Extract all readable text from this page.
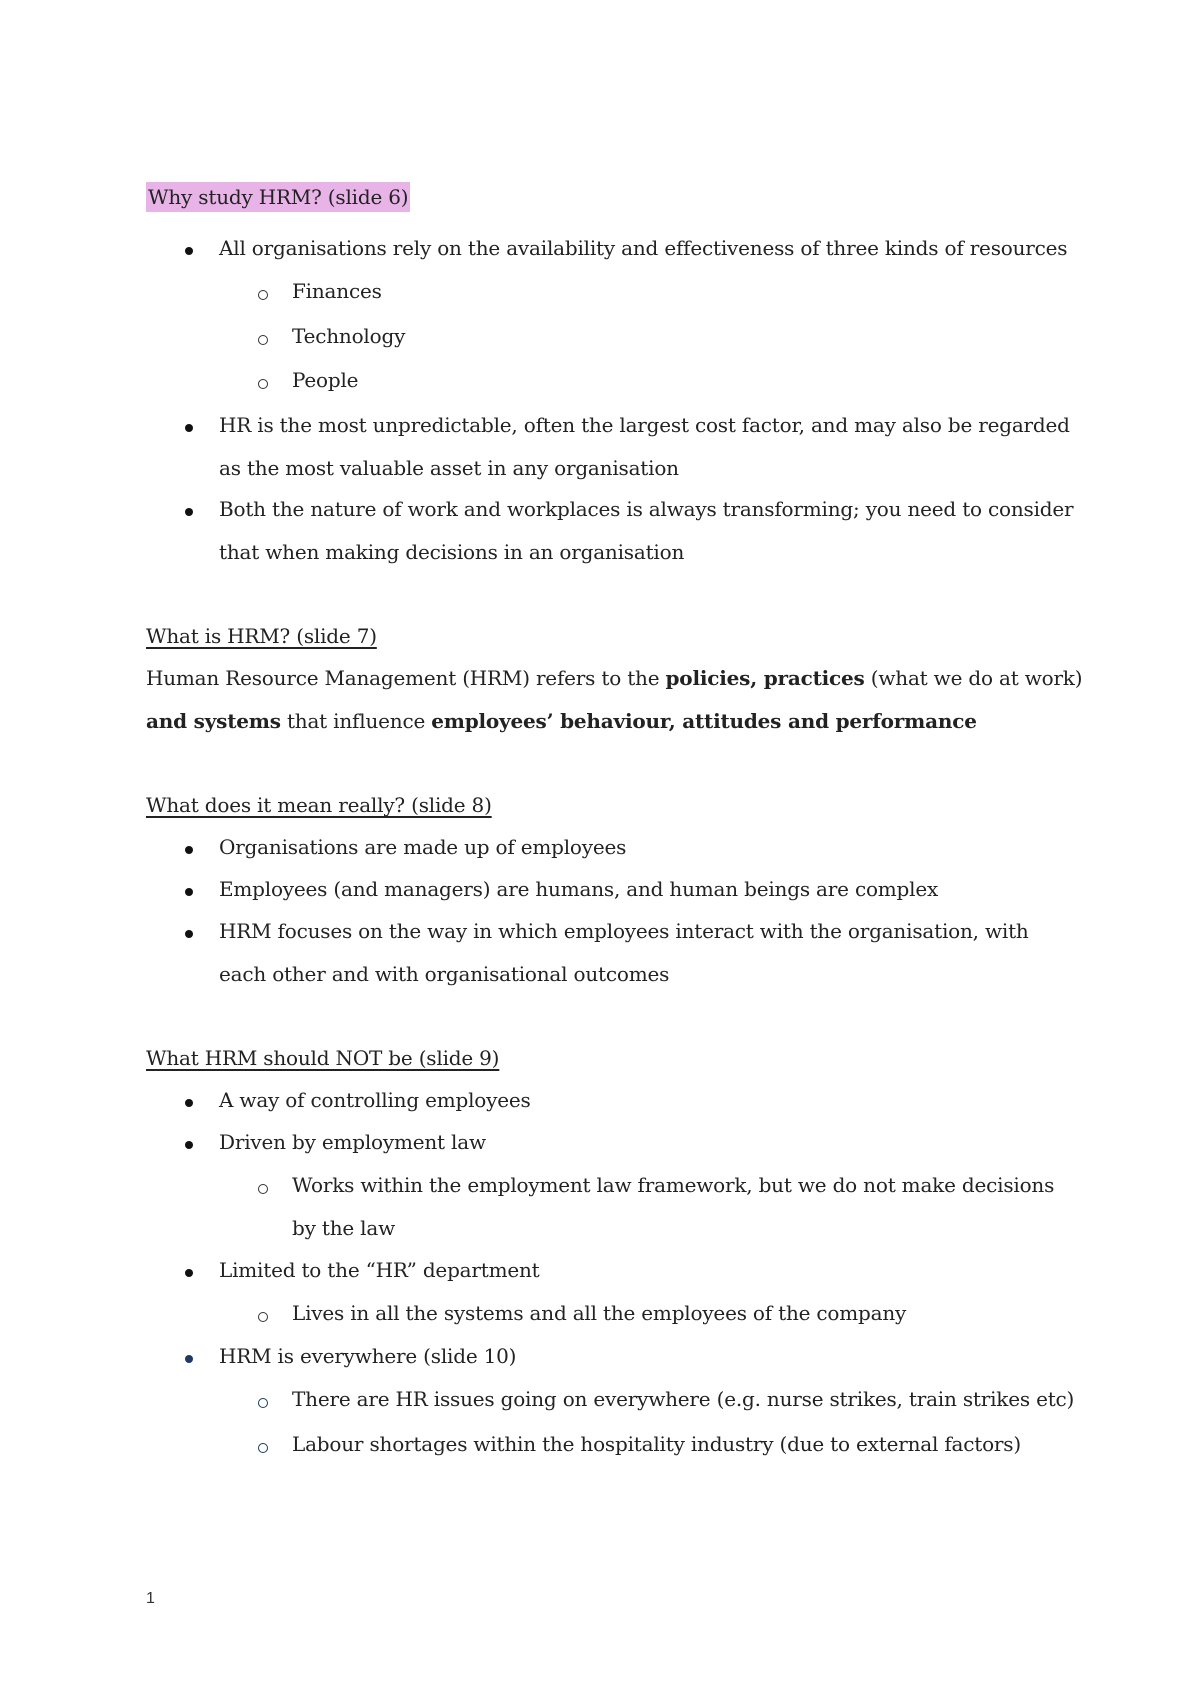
Why study HRM? (slide 6)
All organisations rely on the availability and effectiveness of three kinds of resources
Finances
Technology
People
HR is the most unpredictable, often the largest cost factor, and may also be regarded
as the most valuable asset in any organisation
Both the nature of work and workplaces is always transforming; you need to consider
that when making decisions in an organisation
What is HRM? (slide 7)
Human Resource Management (HRM) refers to the policies, practices (what we do at work)
and systems that influence employees’ behaviour, attitudes and performance
What does it mean really? (slide 8)
Organisations are made up of employees
Employees (and managers) are humans, and human beings are complex
HRM focuses on the way in which employees interact with the organisation, with
each other and with organisational outcomes
What HRM should NOT be (slide 9)
A way of controlling employees
Driven by employment law
Works within the employment law framework, but we do not make decisions
by the law
Limited to the “HR” department
Lives in all the systems and all the employees of the company
HRM is everywhere (slide 10)
There are HR issues going on everywhere (e.g. nurse strikes, train strikes etc)
Labour shortages within the hospitality industry (due to external factors)
1
